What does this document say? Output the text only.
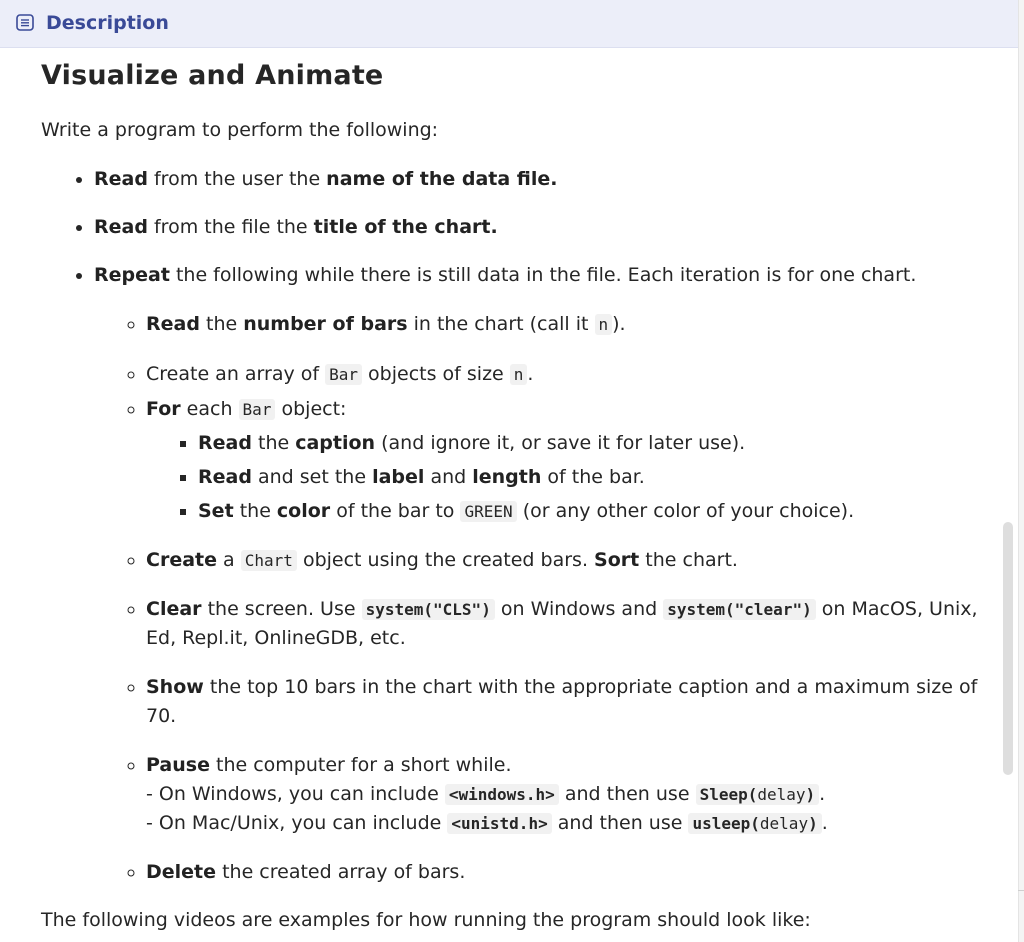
Description
Visualize and Animate

Write a program to perform the following:

• Read from the user the name of the data file.
• Read from the file the title of the chart.
• Repeat the following while there is still data in the file. Each iteration is for one chart.
◦ Read the number of bars in the chart (call it n ).
◦ Create an array of Bar objects of size n .
◦ For each Bar object:
▪ Read the caption (and ignore it, or save it for later use).
▪ Read and set the label and length of the bar.
▪ Set the color of the bar to GREEN (or any other color of your choice).
◦ Create a Chart object using the created bars. Sort the chart.
◦ Clear the screen. Use system("CLS") on Windows and system("clear") on MacOS, Unix, Ed, Repl.it, OnlineGDB, etc.
◦ Show the top 10 bars in the chart with the appropriate caption and a maximum size of 70.
◦ Pause the computer for a short while.
- On Windows, you can include <windows.h> and then use Sleep(delay) .
- On Mac/Unix, you can include <unistd.h> and then use usleep(delay) .
◦ Delete the created array of bars.

The following videos are examples for how running the program should look like:
